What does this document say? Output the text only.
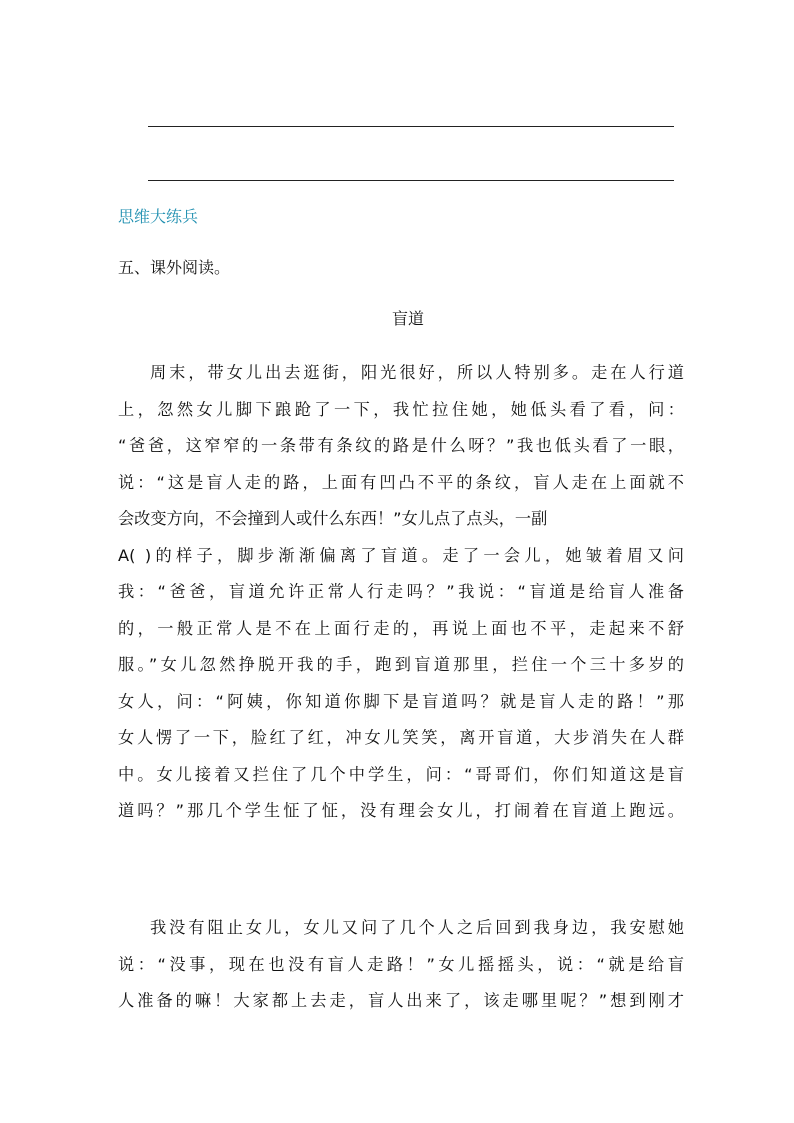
思维大练兵
五、课外阅读。
盲道
周末，带女儿出去逛街，阳光很好，所以人特别多。走在人行道
上，忽然女儿脚下踉跄了一下，我忙拉住她，她低头看了看，问：
“爸爸，这窄窄的一条带有条纹的路是什么呀？”我也低头看了一眼，
说：“这是盲人走的路，上面有凹凸不平的条纹，盲人走在上面就不
会改变方向，不会撞到人或什么东西！”女儿点了点头，一副
A( )的样子，脚步渐渐偏离了盲道。走了一会儿，她皱着眉又问
我：“爸爸，盲道允许正常人行走吗？”我说：“盲道是给盲人准备
的，一般正常人是不在上面行走的，再说上面也不平，走起来不舒
服。”女儿忽然挣脱开我的手，跑到盲道那里，拦住一个三十多岁的
女人，问：“阿姨，你知道你脚下是盲道吗？就是盲人走的路！”那
女人愣了一下，脸红了红，冲女儿笑笑，离开盲道，大步消失在人群
中。女儿接着又拦住了几个中学生，问：“哥哥们，你们知道这是盲
道吗？”那几个学生怔了怔，没有理会女儿，打闹着在盲道上跑远。
我没有阻止女儿，女儿又问了几个人之后回到我身边，我安慰她
说：“没事，现在也没有盲人走路！”女儿摇摇头，说：“就是给盲
人准备的嘛！大家都上去走，盲人出来了，该走哪里呢？”想到刚才
